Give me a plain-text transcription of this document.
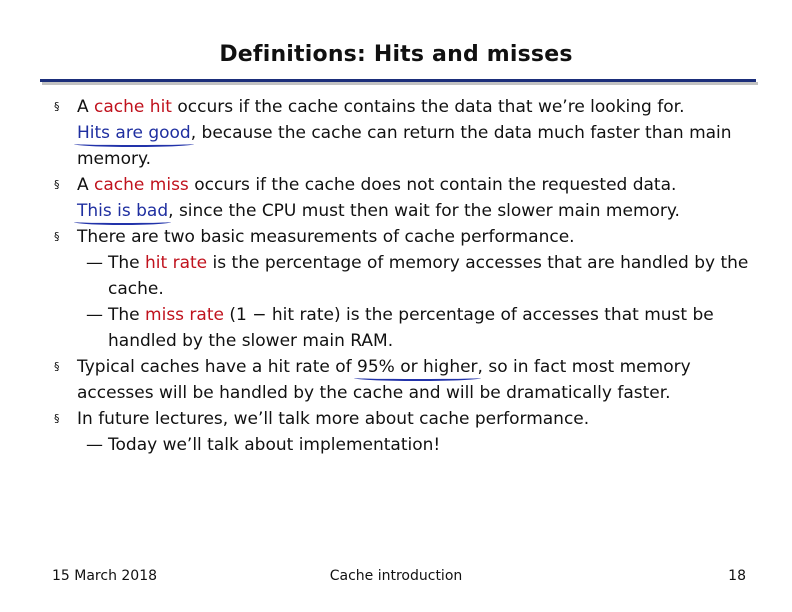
Definitions: Hits and misses
§ A cache hit occurs if the cache contains the data that we’re looking for. Hits are good
, because the cache can return the data much faster than main memory.
§ A cache miss occurs if the cache does not contain the requested data. This is bad
, since the CPU must then wait for the slower main memory.
§ There are two basic measurements of cache performance.
— The hit rate is the percentage of memory accesses that are handled by the cache.
— The miss rate (1 − hit rate) is the percentage of accesses that must be handled by the slower main RAM.
§ Typical caches have a hit rate of 95% or higher
, so in fact most memory accesses will be handled by the cache and will be dramatically faster.
§ In future lectures, we’ll talk more about cache performance.
— Today we’ll talk about implementation!
15 March 2018	Cache introduction	18
